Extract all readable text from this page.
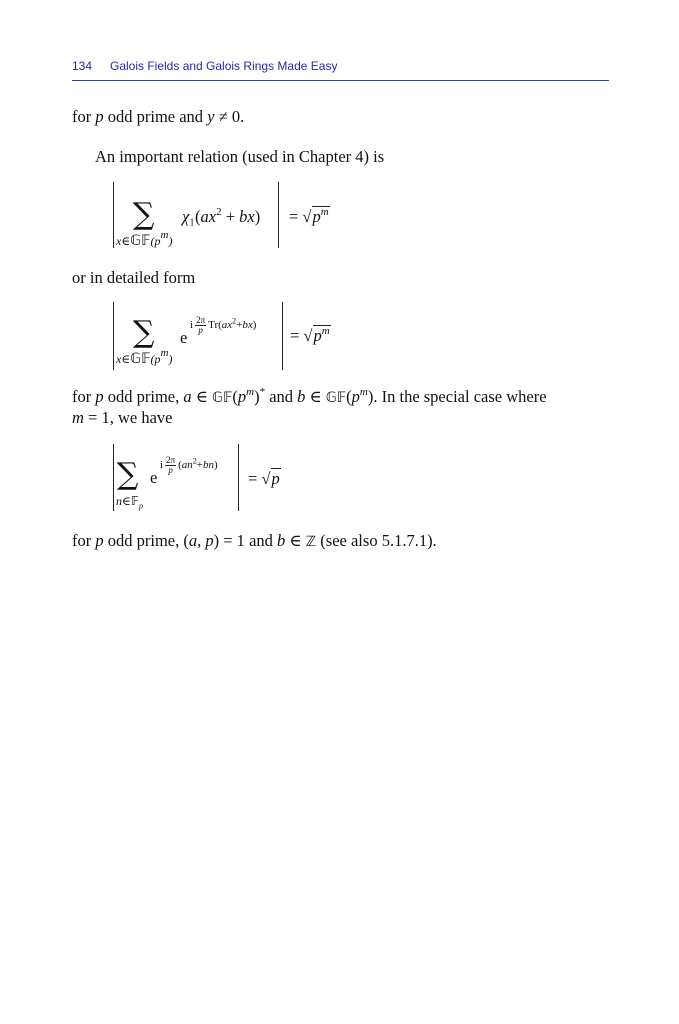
134 Galois Fields and Galois Rings Made Easy
for p odd prime and y ≠ 0.
An important relation (used in Chapter 4) is
∑
$x\in 𝔾𝔽(p^m)$
$\chi_1(ax^2 + bx) = √p^m$
or in detailed form
∑
$x\in 𝔾𝔽(p^m)$
e
i $\frac{2\pi}{p} Tr(ax^2+bx)$
= $√p^m$
for p odd prime, a ∈ $𝔾𝔽(p^m)^*$ and b ∈ $𝔾𝔽(p^m)$. In the special case where
m = 1, we have
∑
n∈𝔽$_p$
e
i $\frac{2\pi}{p} (an^2+bn)$
= √p
for p odd prime, (a, p) = 1 and b ∈ ℤ (see also 5.1.7.1).
